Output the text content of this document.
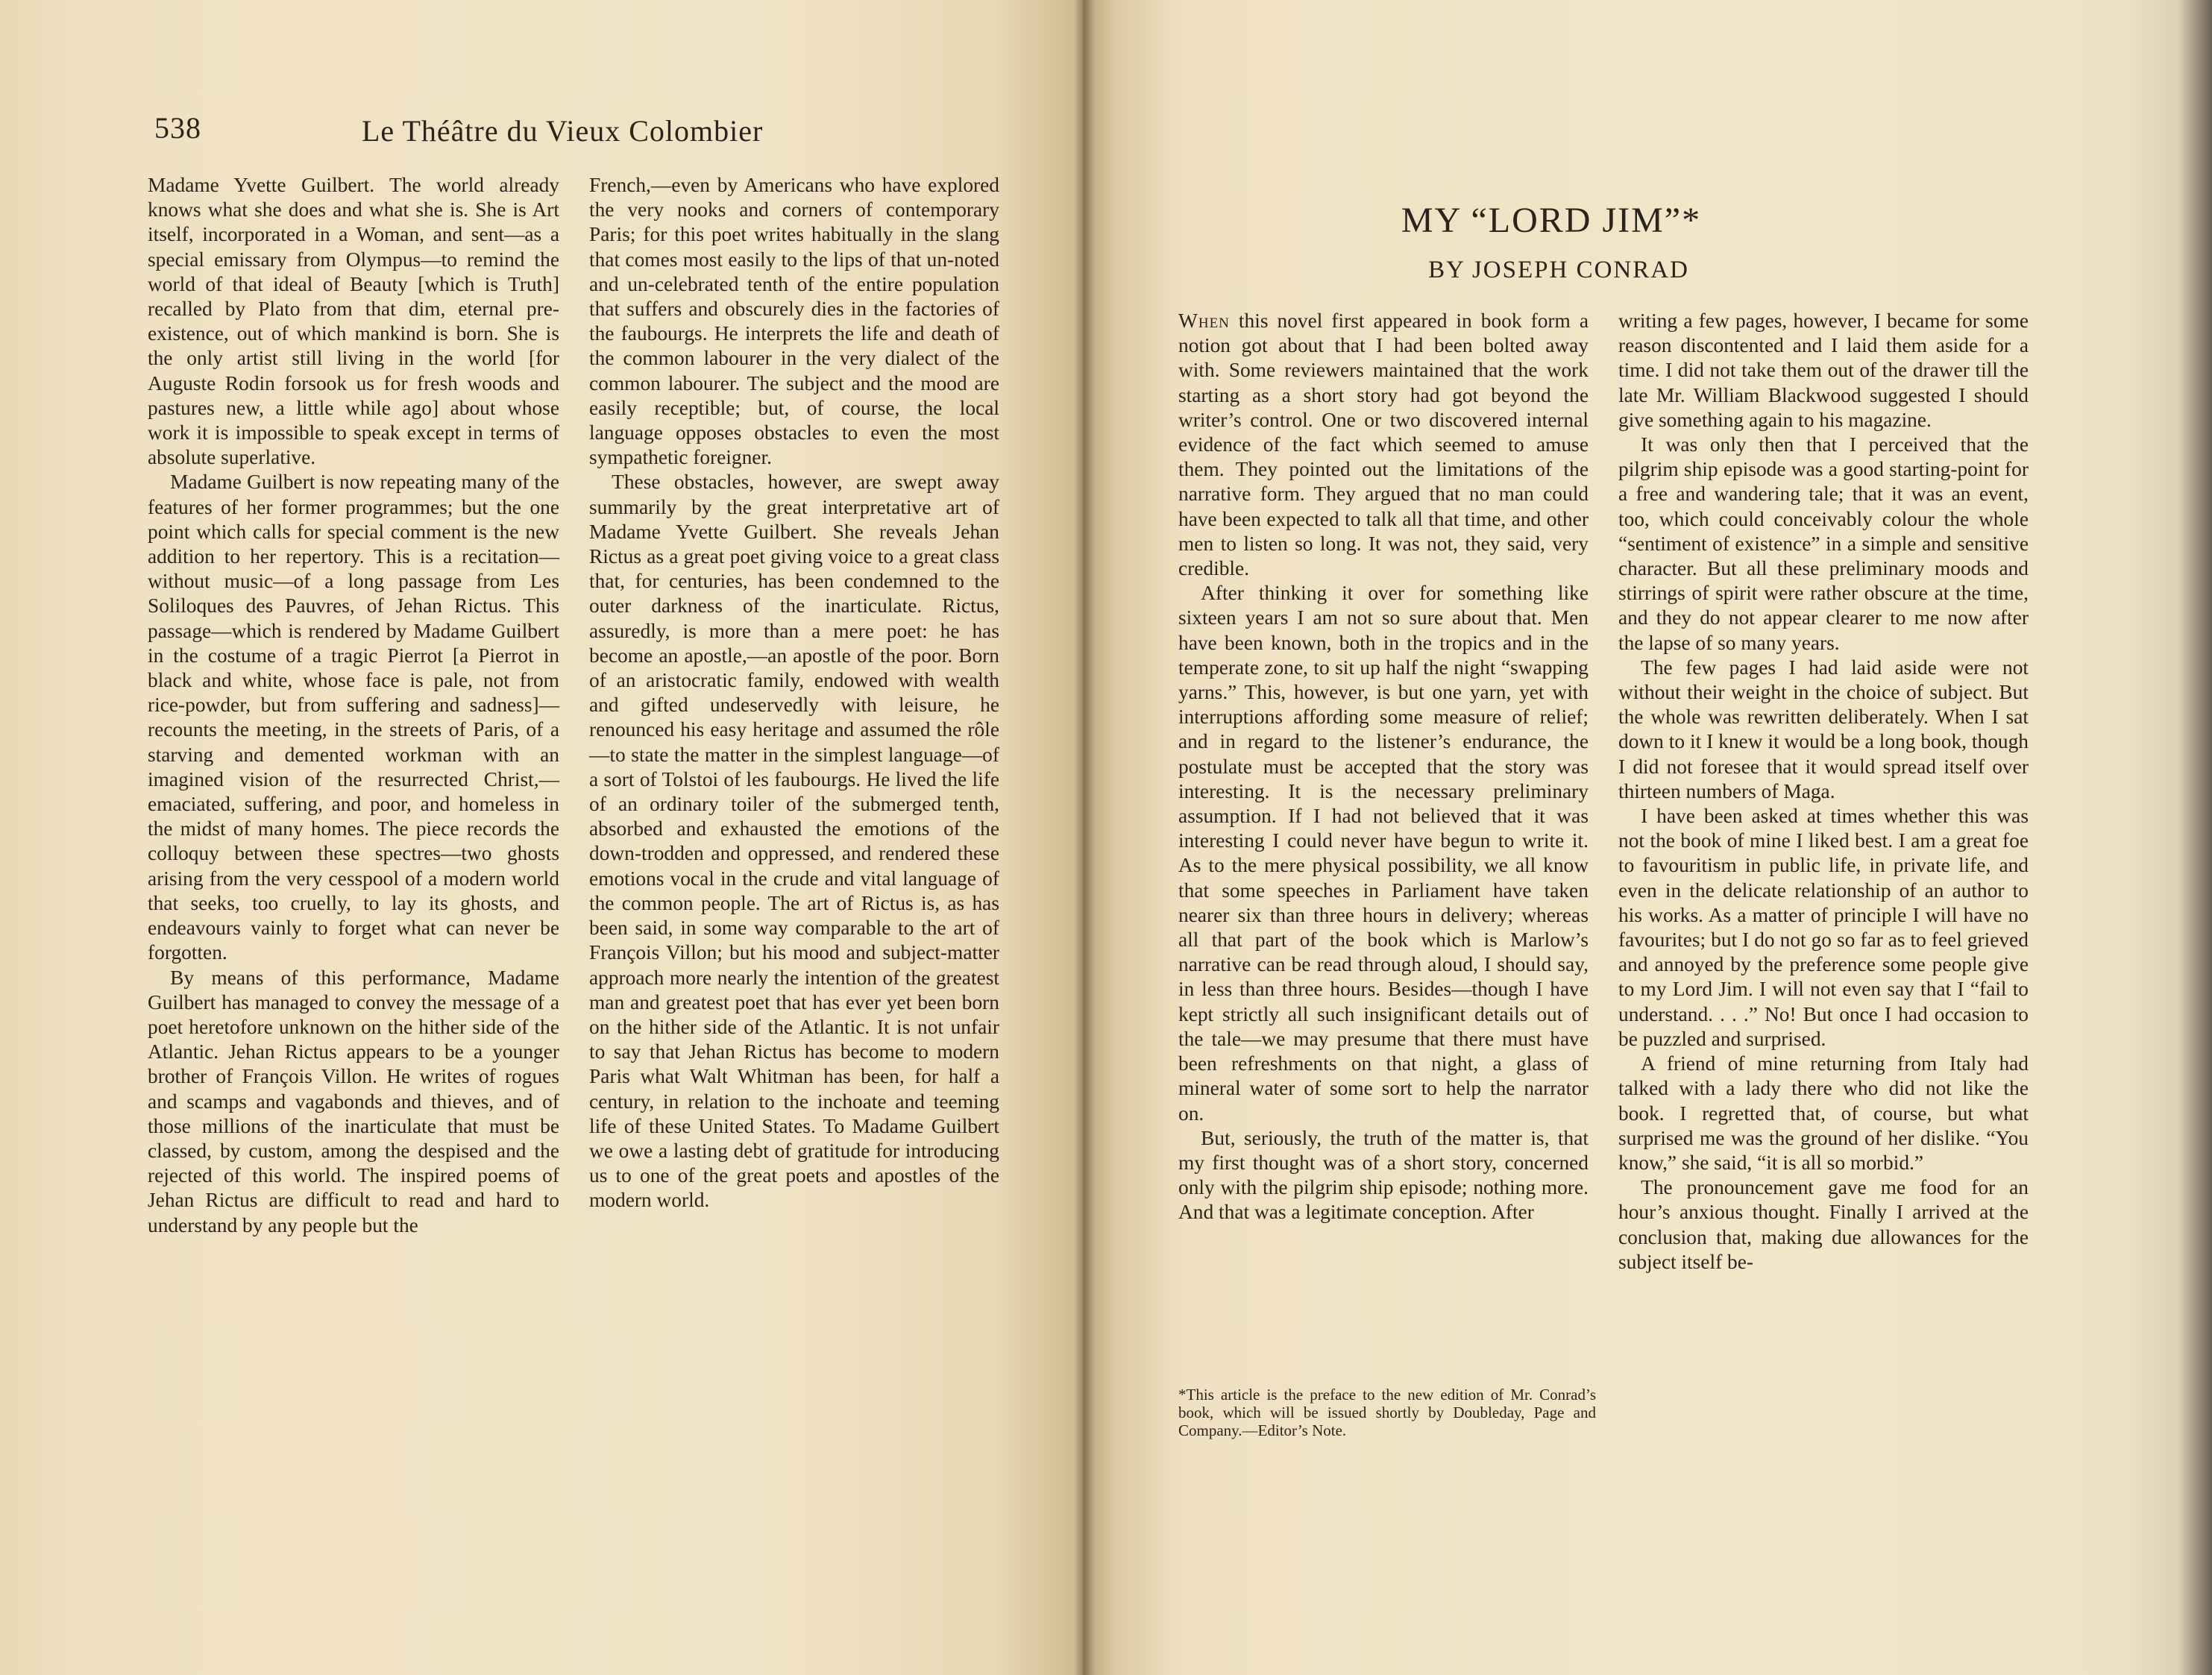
538	Le Théâtre du Vieux Colombier

Madame Yvette Guilbert. The world already knows what she does and what she is. She is Art itself, incorporated in a Woman, and sent—as a special emissary from Olympus—to remind the world of that ideal of Beauty [which is Truth] recalled by Plato from that dim, eternal pre-existence, out of which mankind is born. She is the only artist still living in the world [for Auguste Rodin forsook us for fresh woods and pastures new, a little while ago] about whose work it is impossible to speak except in terms of absolute superlative.

Madame Guilbert is now repeating many of the features of her former programmes; but the one point which calls for special comment is the new addition to her repertory. This is a recitation—without music—of a long passage from Les Soliloques des Pauvres, of Jehan Rictus. This passage—which is rendered by Madame Guilbert in the costume of a tragic Pierrot [a Pierrot in black and white, whose face is pale, not from rice-powder, but from suffering and sadness]—recounts the meeting, in the streets of Paris, of a starving and demented workman with an imagined vision of the resurrected Christ,—emaciated, suffering, and poor, and homeless in the midst of many homes. The piece records the colloquy between these spectres—two ghosts arising from the very cesspool of a modern world that seeks, too cruelly, to lay its ghosts, and endeavours vainly to forget what can never be forgotten.

By means of this performance, Madame Guilbert has managed to convey the message of a poet heretofore unknown on the hither side of the Atlantic. Jehan Rictus appears to be a younger brother of François Villon. He writes of rogues and scamps and vagabonds and thieves, and of those millions of the inarticulate that must be classed, by custom, among the despised and the rejected of this world. The inspired poems of Jehan Rictus are difficult to read and hard to understand by any people but the

French,—even by Americans who have explored the very nooks and corners of contemporary Paris; for this poet writes habitually in the slang that comes most easily to the lips of that un-noted and un-celebrated tenth of the entire population that suffers and obscurely dies in the factories of the faubourgs. He interprets the life and death of the common labourer in the very dialect of the common labourer. The subject and the mood are easily receptible; but, of course, the local language opposes obstacles to even the most sympathetic foreigner.

These obstacles, however, are swept away summarily by the great interpretative art of Madame Yvette Guilbert. She reveals Jehan Rictus as a great poet giving voice to a great class that, for centuries, has been condemned to the outer darkness of the inarticulate. Rictus, assuredly, is more than a mere poet: he has become an apostle,—an apostle of the poor. Born of an aristocratic family, endowed with wealth and gifted undeservedly with leisure, he renounced his easy heritage and assumed the rôle—to state the matter in the simplest language—of a sort of Tolstoi of les faubourgs. He lived the life of an ordinary toiler of the submerged tenth, absorbed and exhausted the emotions of the down-trodden and oppressed, and rendered these emotions vocal in the crude and vital language of the common people. The art of Rictus is, as has been said, in some way comparable to the art of François Villon; but his mood and subject-matter approach more nearly the intention of the greatest man and greatest poet that has ever yet been born on the hither side of the Atlantic. It is not unfair to say that Jehan Rictus has become to modern Paris what Walt Whitman has been, for half a century, in relation to the inchoate and teeming life of these United States. To Madame Guilbert we owe a lasting debt of gratitude for introducing us to one of the great poets and apostles of the modern world.

MY “LORD JIM”*
BY JOSEPH CONRAD

When this novel first appeared in book form a notion got about that I had been bolted away with. Some reviewers maintained that the work starting as a short story had got beyond the writer’s control. One or two discovered internal evidence of the fact which seemed to amuse them. They pointed out the limitations of the narrative form. They argued that no man could have been expected to talk all that time, and other men to listen so long. It was not, they said, very credible.

After thinking it over for something like sixteen years I am not so sure about that. Men have been known, both in the tropics and in the temperate zone, to sit up half the night “swapping yarns.” This, however, is but one yarn, yet with interruptions affording some measure of relief; and in regard to the listener’s endurance, the postulate must be accepted that the story was interesting. It is the necessary preliminary assumption. If I had not believed that it was interesting I could never have begun to write it. As to the mere physical possibility, we all know that some speeches in Parliament have taken nearer six than three hours in delivery; whereas all that part of the book which is Marlow’s narrative can be read through aloud, I should say, in less than three hours. Besides—though I have kept strictly all such insignificant details out of the tale—we may presume that there must have been refreshments on that night, a glass of mineral water of some sort to help the narrator on.

But, seriously, the truth of the matter is, that my first thought was of a short story, concerned only with the pilgrim ship episode; nothing more. And that was a legitimate conception. After

writing a few pages, however, I became for some reason discontented and I laid them aside for a time. I did not take them out of the drawer till the late Mr. William Blackwood suggested I should give something again to his magazine.

It was only then that I perceived that the pilgrim ship episode was a good starting-point for a free and wandering tale; that it was an event, too, which could conceivably colour the whole “sentiment of existence” in a simple and sensitive character. But all these preliminary moods and stirrings of spirit were rather obscure at the time, and they do not appear clearer to me now after the lapse of so many years.

The few pages I had laid aside were not without their weight in the choice of subject. But the whole was rewritten deliberately. When I sat down to it I knew it would be a long book, though I did not foresee that it would spread itself over thirteen numbers of Maga.

I have been asked at times whether this was not the book of mine I liked best. I am a great foe to favouritism in public life, in private life, and even in the delicate relationship of an author to his works. As a matter of principle I will have no favourites; but I do not go so far as to feel grieved and annoyed by the preference some people give to my Lord Jim. I will not even say that I “fail to understand. . . .” No! But once I had occasion to be puzzled and surprised.

A friend of mine returning from Italy had talked with a lady there who did not like the book. I regretted that, of course, but what surprised me was the ground of her dislike. “You know,” she said, “it is all so morbid.”

The pronouncement gave me food for an hour’s anxious thought. Finally I arrived at the conclusion that, making due allowances for the subject itself be-

*This article is the preface to the new edition of Mr. Conrad’s book, which will be issued shortly by Doubleday, Page and Company.—Editor’s Note.
